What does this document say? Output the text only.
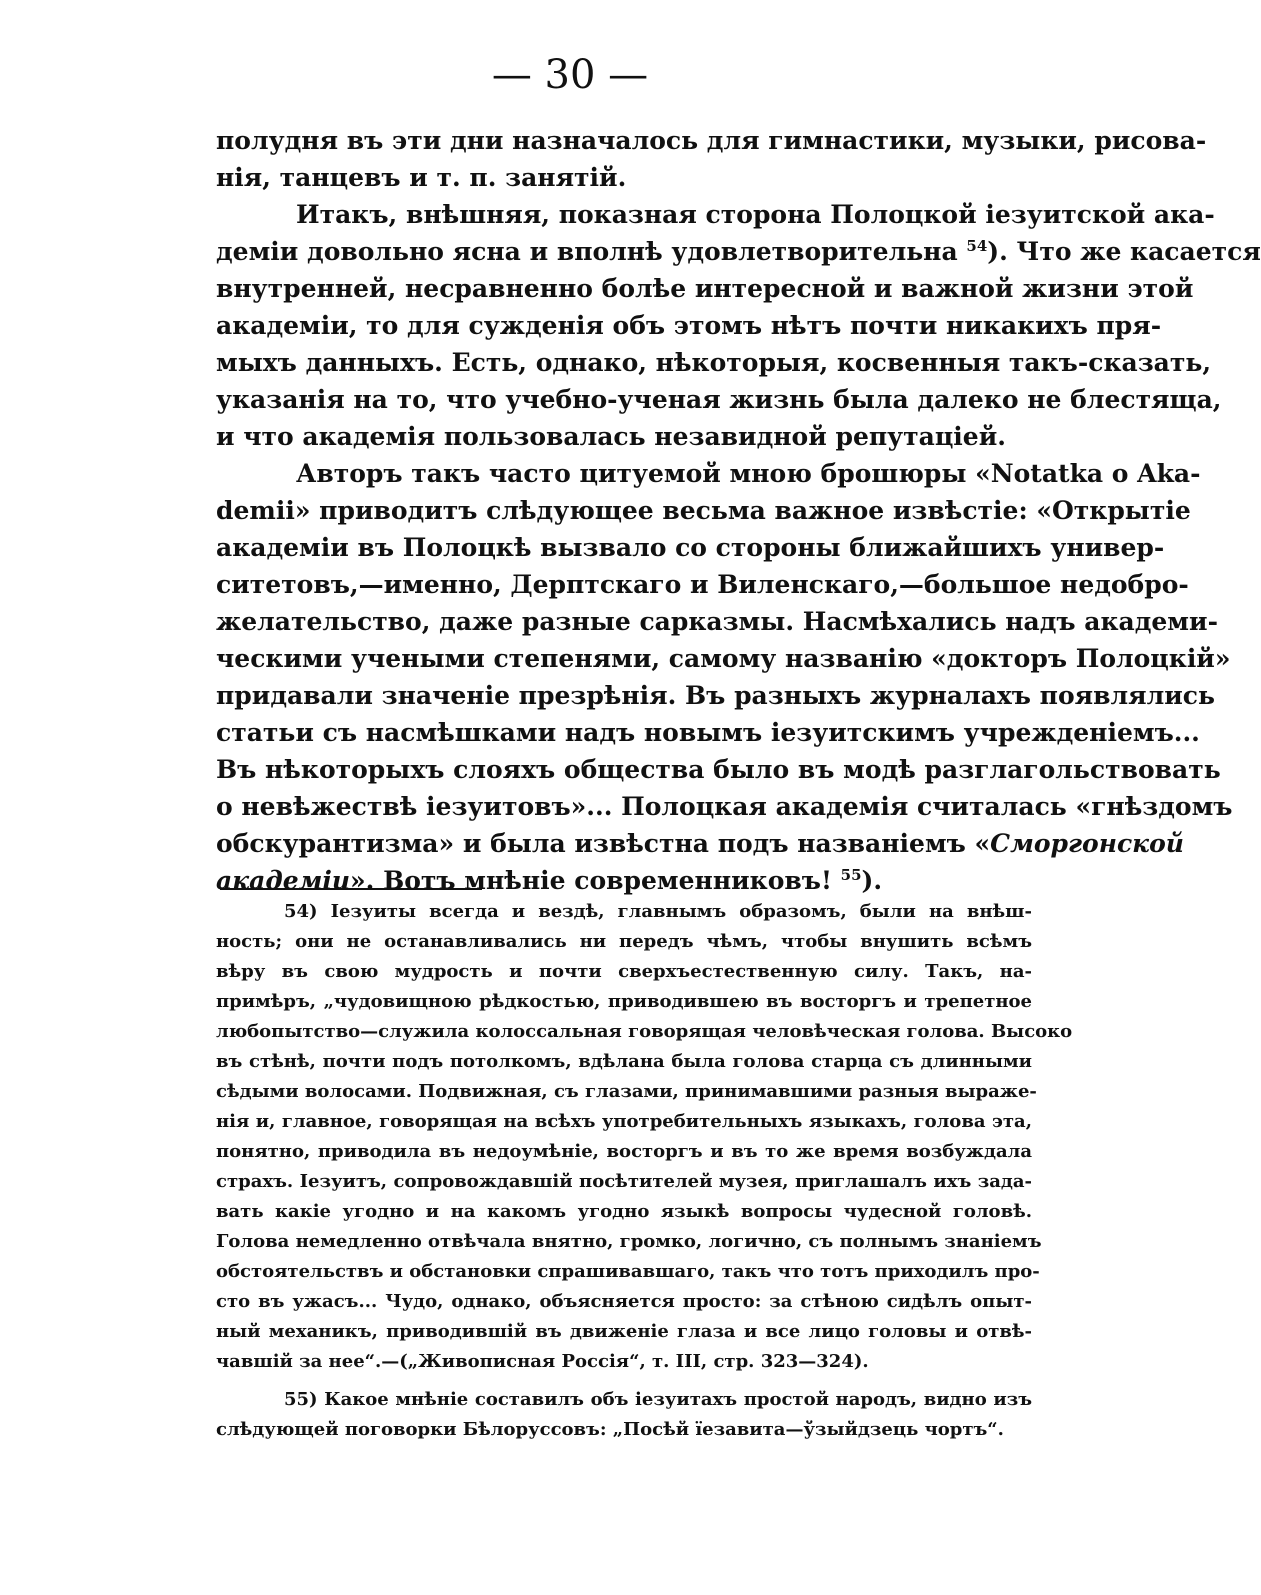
— 30 —
полудня въ эти дни назначалось для гимнастики, музыки, рисова-
нія, танцевъ и т. п. занятій.
Итакъ, внѣшняя, показная сторона Полоцкой іезуитской ака-
деміи довольно ясна и вполнѣ удовлетворительна $^{54}$). Что же касается
внутренней, несравненно болѣе интересной и важной жизни этой
академіи, то для сужденія объ этомъ нѣтъ почти никакихъ пря-
мыхъ данныхъ. Есть, однако, нѣкоторыя, косвенныя такъ-сказать,
указанія на то, что учебно-ученая жизнь была далеко не блестяща,
и что академія пользовалась незавидной репутаціей.
Авторъ такъ часто цитуемой мною брошюры «Notatka o Aka-
demii» приводитъ слѣдующее весьма важное извѣстіе: «Открытіе
академіи въ Полоцкѣ вызвало со стороны ближайшихъ универ-
ситетовъ,—именно, Дерптскаго и Виленскаго,—большое недобро-
желательство, даже разные сарказмы. Насмѣхались надъ академи-
ческими учеными степенями, самому названію «докторъ Полоцкій»
придавали значеніе презрѣнія. Въ разныхъ журналахъ появлялись
статьи съ насмѣшками надъ новымъ іезуитскимъ учрежденіемъ...
Въ нѣкоторыхъ слояхъ общества было въ модѣ разглагольствовать
о невѣжествѣ іезуитовъ»... Полоцкая академія считалась «гнѣздомъ
обскурантизма» и была извѣстна подъ названіемъ «Сморгонской
академіи». Вотъ мнѣніе современниковъ! $^{55}$).
54) Іезуиты всегда и вездѣ, главнымъ образомъ, были на внѣш-
ность; они не останавливались ни передъ чѣмъ, чтобы внушить всѣмъ
вѣру въ свою мудрость и почти сверхъестественную силу. Такъ, на-
примѣръ, „чудовищною рѣдкостью, приводившею въ восторгъ и трепетное
любопытство—служила колоссальная говорящая человѣческая голова. Высоко
въ стѣнѣ, почти подъ потолкомъ, вдѣлана была голова старца съ длинными
сѣдыми волосами. Подвижная, съ глазами, принимавшими разныя выраже-
нія и, главное, говорящая на всѣхъ употребительныхъ языкахъ, голова эта,
понятно, приводила въ недоумѣніе, восторгъ и въ то же время возбуждала
страхъ. Іезуитъ, сопровождавшій посѣтителей музея, приглашалъ ихъ зада-
вать какіе угодно и на какомъ угодно языкѣ вопросы чудесной головѣ.
Голова немедленно отвѣчала внятно, громко, логично, съ полнымъ знаніемъ
обстоятельствъ и обстановки спрашивавшаго, такъ что тотъ приходилъ про-
сто въ ужасъ... Чудо, однако, объясняется просто: за стѣною сидѣлъ опыт-
ный механикъ, приводившій въ движеніе глаза и все лицо головы и отвѣ-
чавшій за нее“.—(„Живописная Россія“, т. III, стр. 323—324).
55) Какое мнѣніе составилъ объ іезуитахъ простой народъ, видно изъ
слѣдующей поговорки Бѣлоруссовъ: „Посѣй їезавита—ўзыйдзець чортъ“.
